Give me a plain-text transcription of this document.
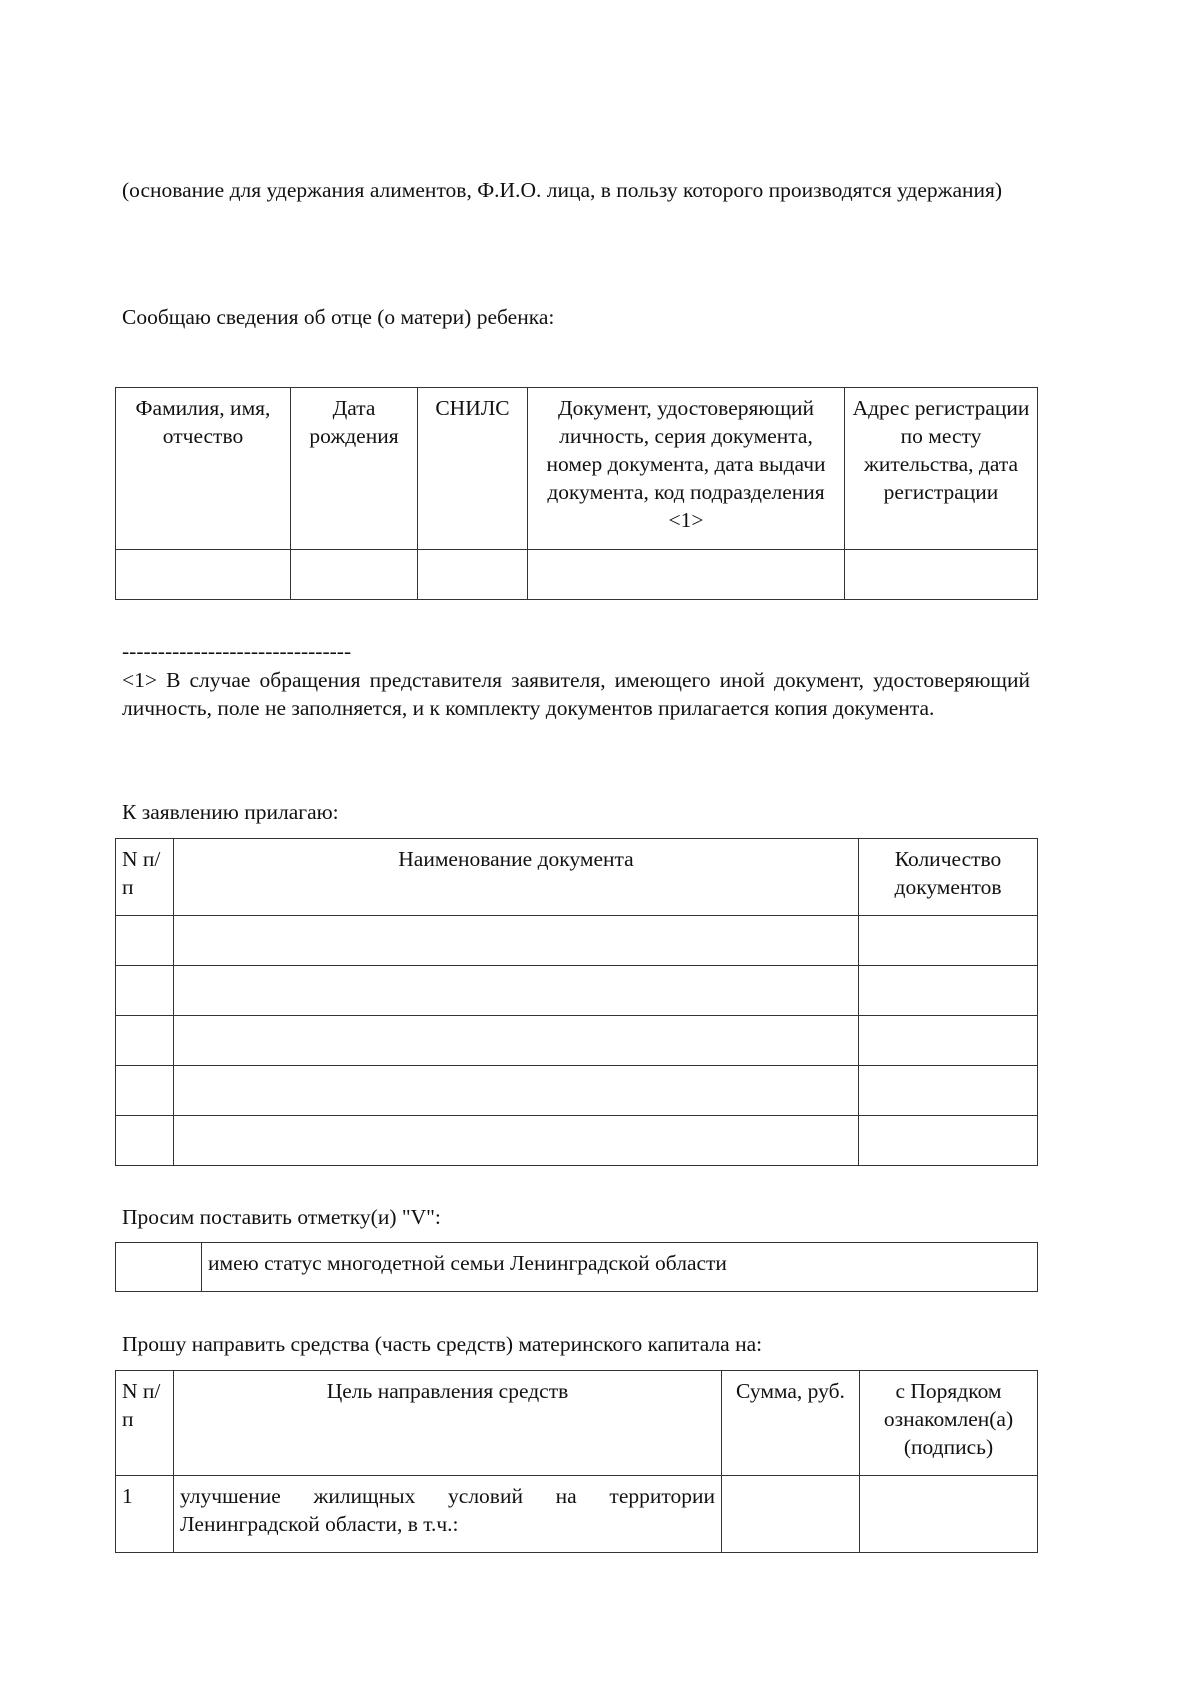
(основание для удержания алиментов, Ф.И.О. лица, в пользу которого производятся удержания)
Сообщаю сведения об отце (о матери) ребенка:
Фамилия, имя, отчество	Дата рождения	СНИЛС	Документ, удостоверяющий личность, серия документа, номер документа, дата выдачи документа, код подразделения <1>	Адрес регистрации по месту жительства, дата регистрации

--------------------------------
<1> В случае обращения представителя заявителя, имеющего иной документ, удостоверяющий личность, поле не заполняется, и к комплекту документов прилагается копия документа.
К заявлению прилагаю:
N п/п	Наименование документа	Количество документов

Просим поставить отметку(и) "V":
	имею статус многодетной семьи Ленинградской области
Прошу направить средства (часть средств) материнского капитала на:
N п/п	Цель направления средств	Сумма, руб.	с Порядком ознакомлен(а) (подпись)
1	улучшение жилищных условий на территории Ленинградской области, в т.ч.:		
